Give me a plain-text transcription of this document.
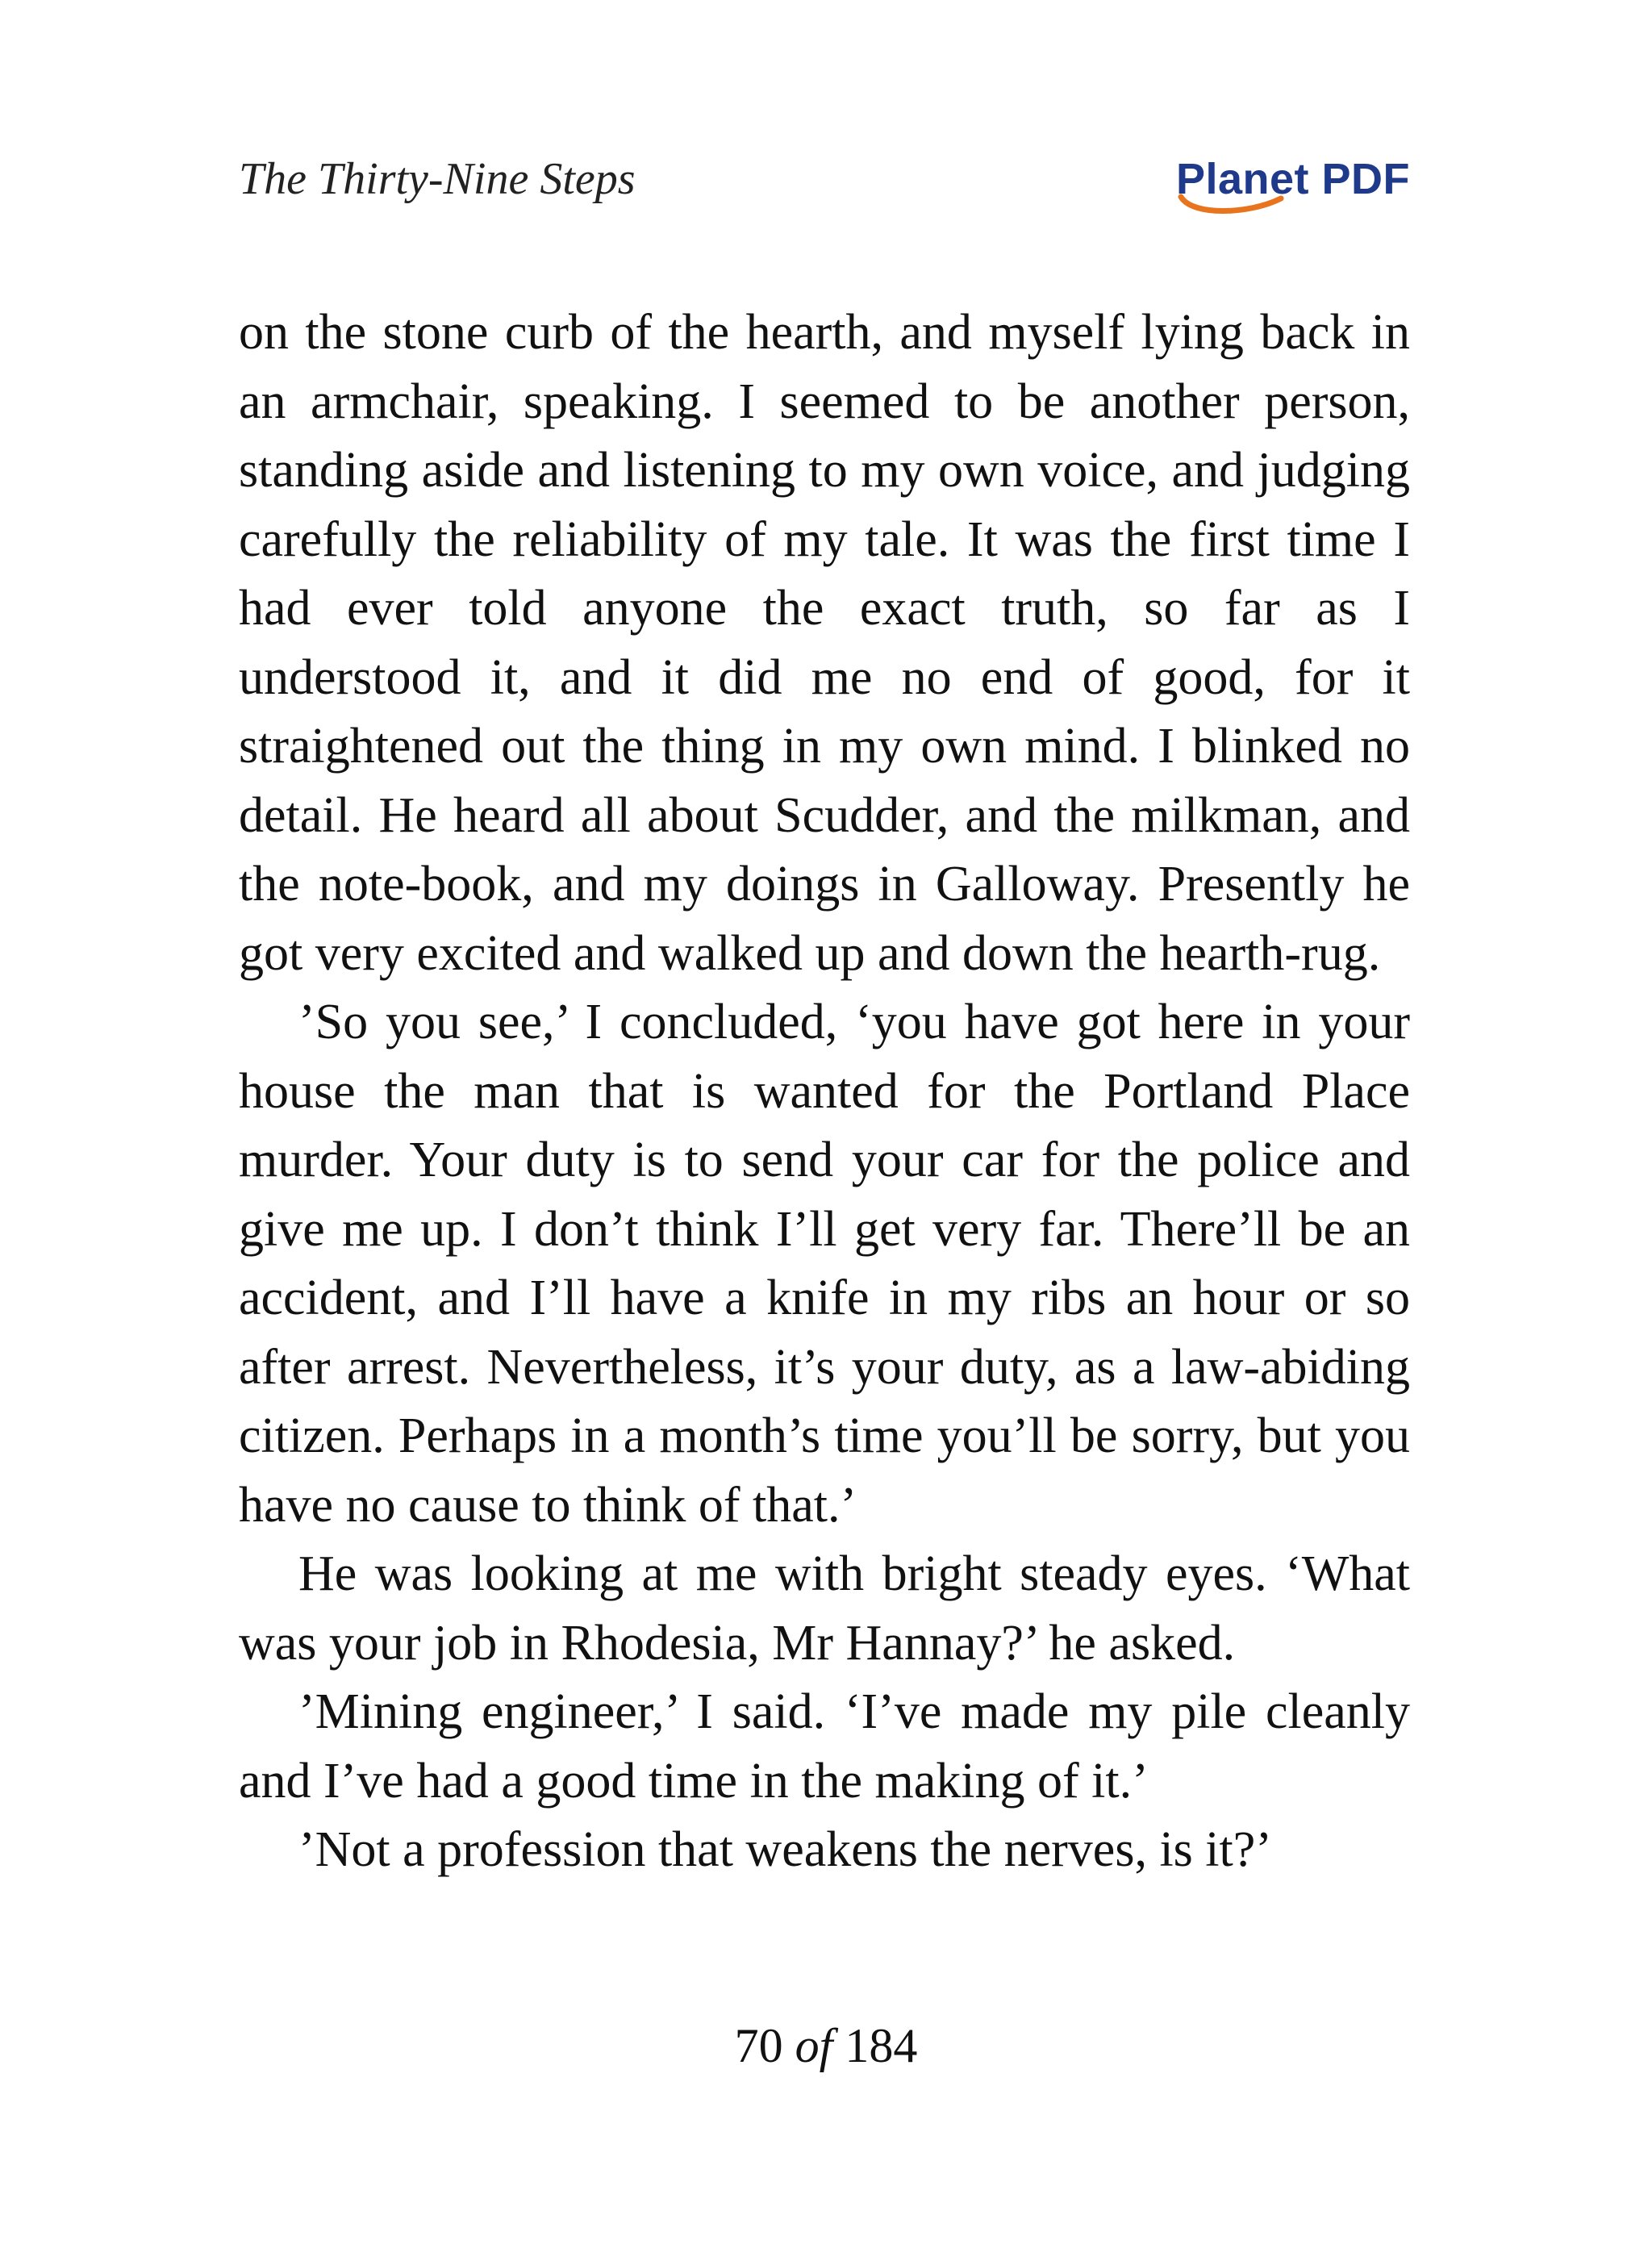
The Thirty-Nine Steps	Planet PDF

on the stone curb of the hearth, and myself lying back in an armchair, speaking. I seemed to be another person, standing aside and listening to my own voice, and judging carefully the reliability of my tale. It was the first time I had ever told anyone the exact truth, so far as I understood it, and it did me no end of good, for it straightened out the thing in my own mind. I blinked no detail. He heard all about Scudder, and the milkman, and the note-book, and my doings in Galloway. Presently he got very excited and walked up and down the hearth-rug.

’So you see,’ I concluded, ‘you have got here in your house the man that is wanted for the Portland Place murder. Your duty is to send your car for the police and give me up. I don’t think I’ll get very far. There’ll be an accident, and I’ll have a knife in my ribs an hour or so after arrest. Nevertheless, it’s your duty, as a law-abiding citizen. Perhaps in a month’s time you’ll be sorry, but you have no cause to think of that.’

He was looking at me with bright steady eyes. ‘What was your job in Rhodesia, Mr Hannay?’ he asked.

’Mining engineer,’ I said. ‘I’ve made my pile cleanly and I’ve had a good time in the making of it.’

’Not a profession that weakens the nerves, is it?’

70 of 184
